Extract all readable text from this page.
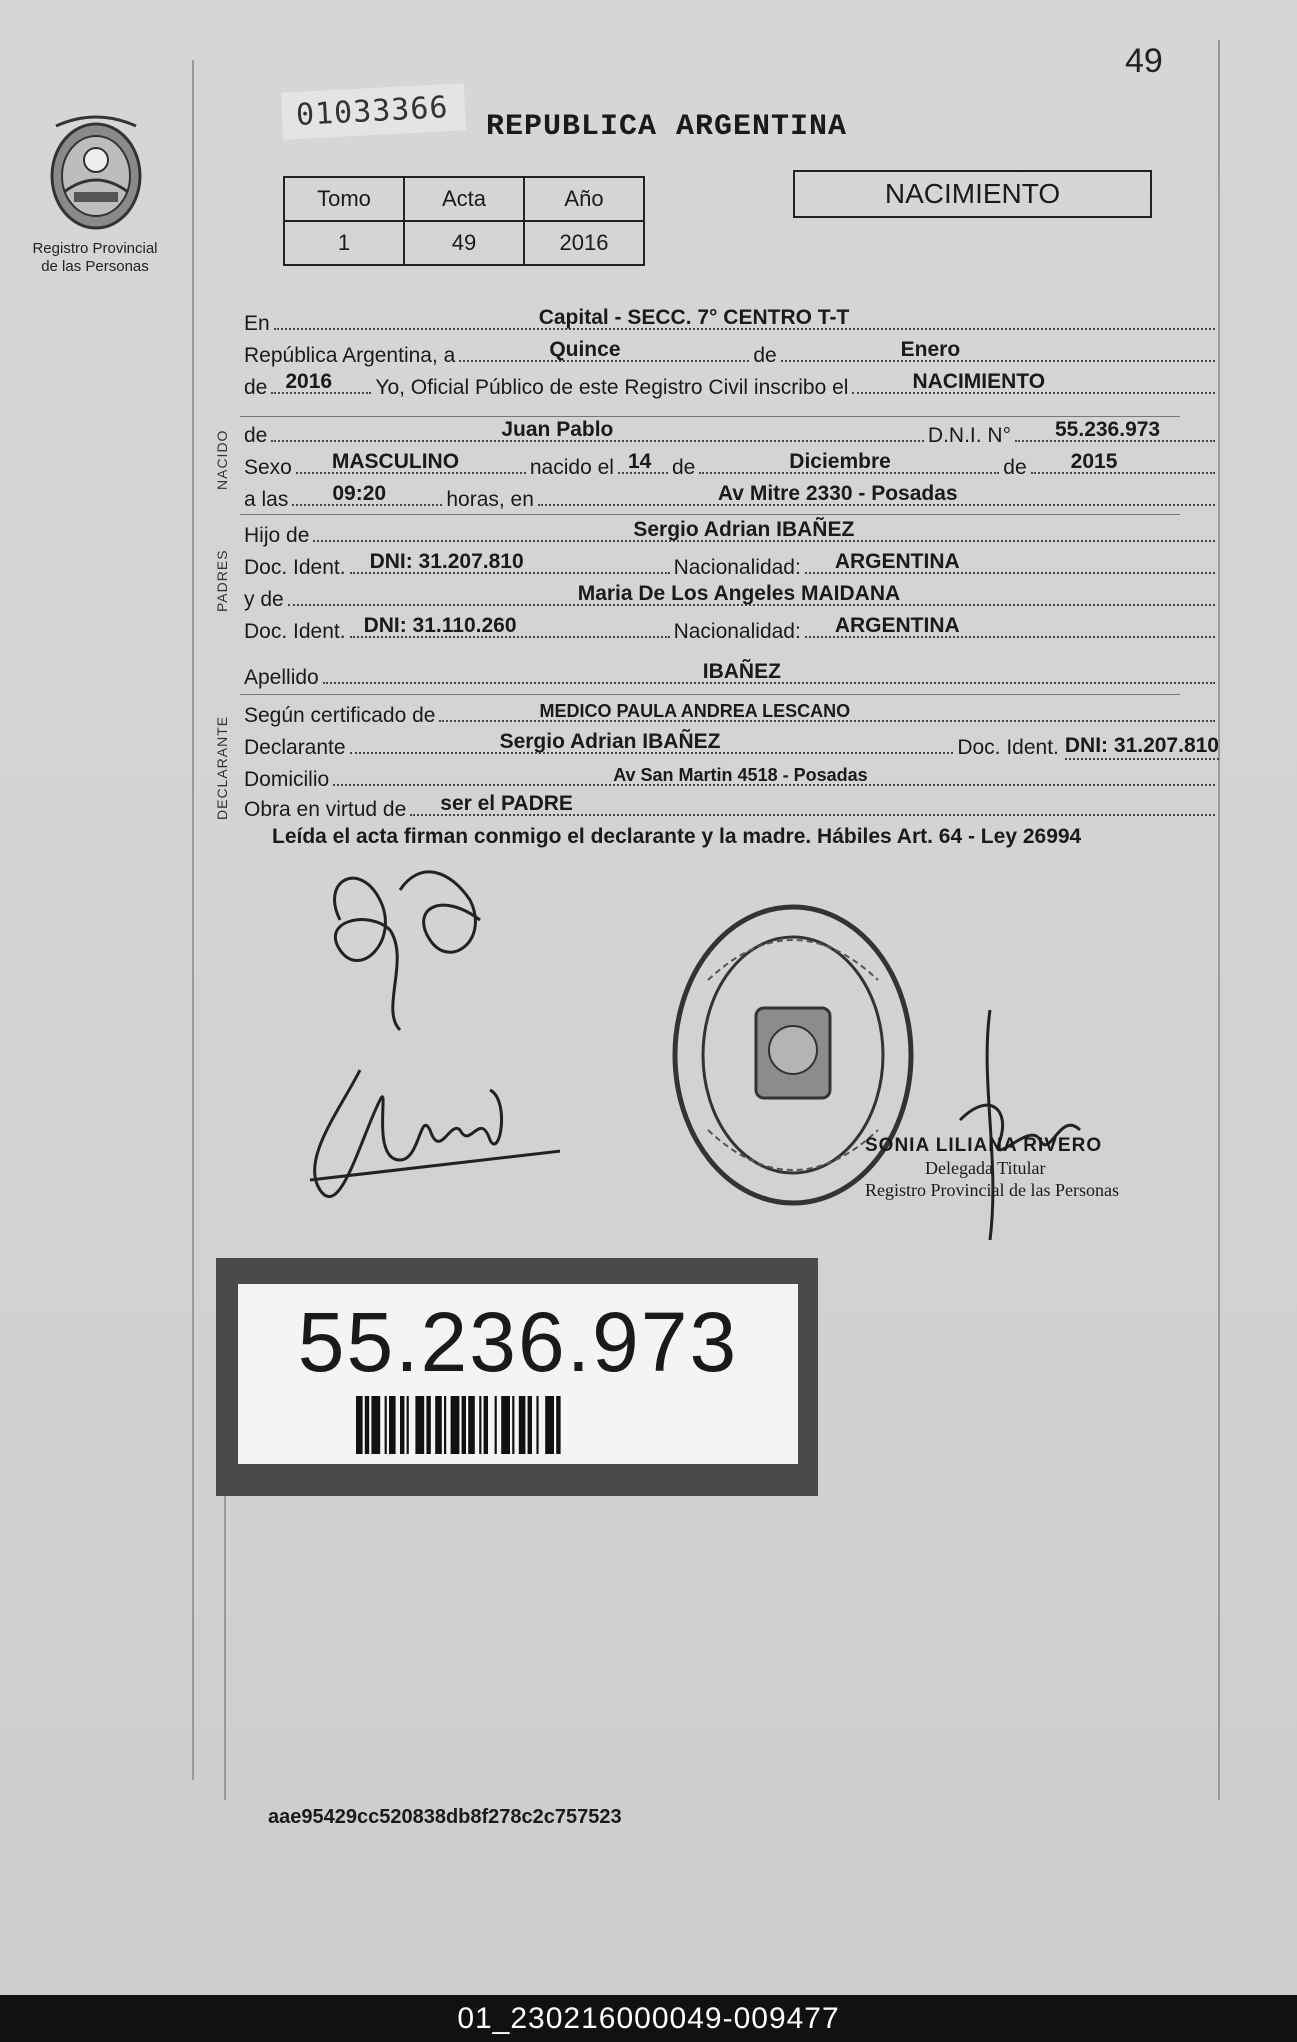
49
Registro Provincial
de las Personas
01033366	REPUBLICA ARGENTINA
Tomo	Acta	Año
1	49	2016
NACIMIENTO
NACIDO
PADRES
DECLARANTE
En	Capital - SECC. 7° CENTRO T-T
República Argentina, a	Quince	de	Enero
de 2016 Yo, Oficial Público de este Registro Civil inscribo el	NACIMIENTO
de	Juan Pablo	D.N.I. N° 55.236.973
Sexo MASCULINO	nacido el 14 de	Diciembre	de 2015
a las 09:20	horas, en	Av Mitre 2330 - Posadas
Hijo de	Sergio Adrian IBAÑEZ
Doc. Ident. DNI: 31.207.810	Nacionalidad: ARGENTINA
y de	Maria De Los Angeles MAIDANA
Doc. Ident. DNI: 31.110.260	Nacionalidad: ARGENTINA
Apellido	IBAÑEZ
Según certificado de	MEDICO PAULA ANDREA LESCANO
Declarante	Sergio Adrian IBAÑEZ	Doc. Ident. DNI: 31.207.810
Domicilio	Av San Martin 4518 - Posadas
Obra en virtud de ser el PADRE
Leída el acta firman conmigo el declarante y la madre. Hábiles Art. 64 - Ley 26994
SONIA LILIANA RIVERO
Delegada Titular
Registro Provincial de las Personas
55.236.973
aae95429cc520838db8f278c2c757523
01_230216000049-009477
